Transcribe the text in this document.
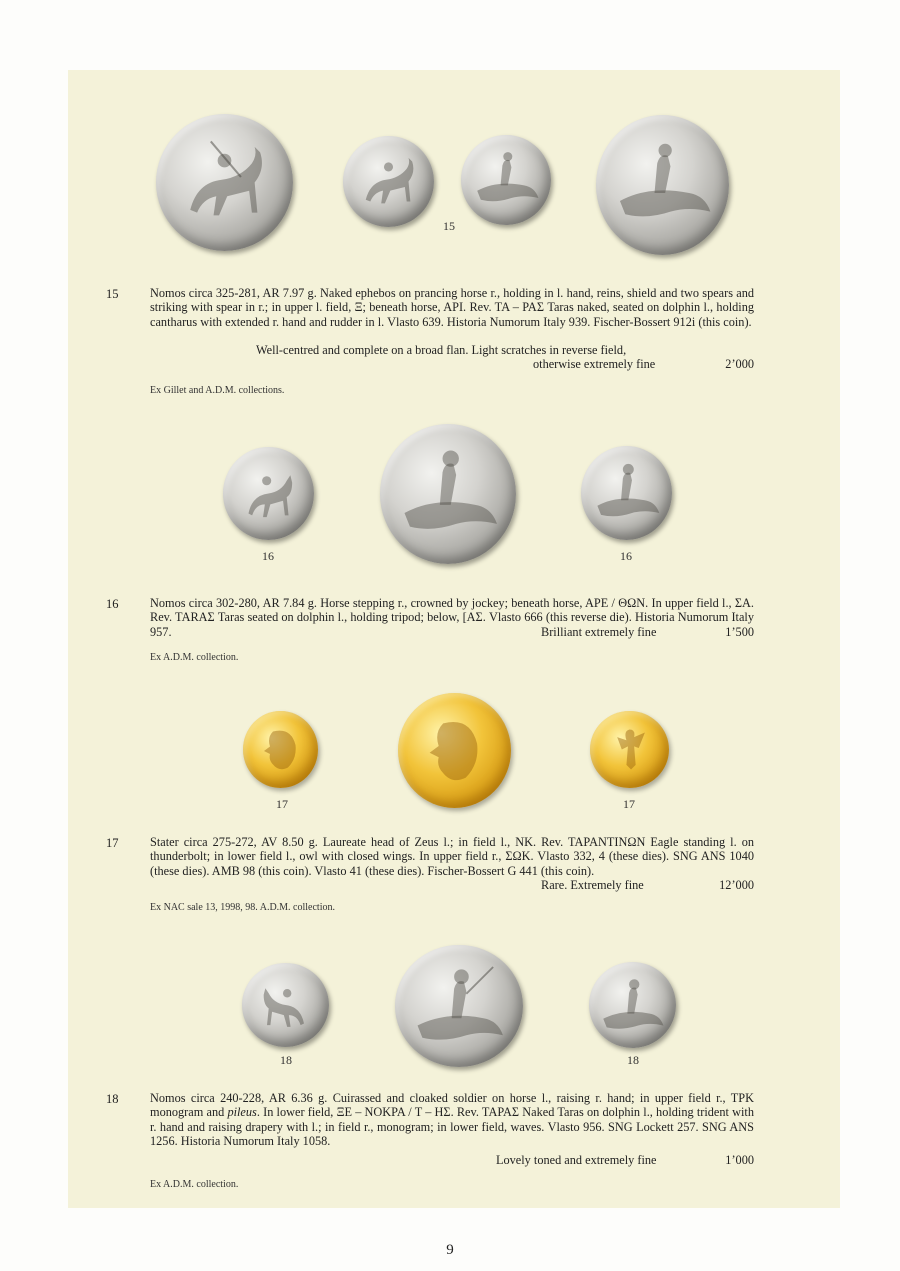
15
15	Nomos circa 325-281, AR 7.97 g. Naked ephebos on prancing horse r., holding in l. hand, reins, shield and two spears and striking with spear in r.; in upper l. field, Ξ; beneath horse, API. Rev. TA – PAΣ Taras naked, seated on dolphin l., holding cantharus with extended r. hand and rudder in l. Vlasto 639. Historia Numorum Italy 939. Fischer-Bossert 912i (this coin).

Well-centred and complete on a broad flan. Light scratches in reverse field,
otherwise extremely fine	2’000
Ex Gillet and A.D.M. collections.
16	16
16	Nomos circa 302-280, AR 7.84 g. Horse stepping r., crowned by jockey; beneath horse, APE / ΘΩN. In upper field l., ΣA. Rev. TARAΣ Taras seated on dolphin l., holding tripod; below, [AΣ. Vlasto 666 (this reverse die). Historia Numorum Italy 957.	Brilliant extremely fine	1’500
Ex A.D.M. collection.
17	17
17	Stater circa 275-272, AV 8.50 g. Laureate head of Zeus l.; in field l., NK. Rev. TAPANTINΩN Eagle standing l. on thunderbolt; in lower field l., owl with closed wings. In upper field r., ΣΩK. Vlasto 332, 4 (these dies). SNG ANS 1040 (these dies). AMB 98 (this coin). Vlasto 41 (these dies). Fischer-Bossert G 441 (this coin).

Rare. Extremely fine	12’000
Ex NAC sale 13, 1998, 98. A.D.M. collection.
18	18
18	Nomos circa 240-228, AR 6.36 g. Cuirassed and cloaked soldier on horse l., raising r. hand; in upper field r., TPK monogram and pileus. In lower field, ΞE – NOKPA / T – HΣ. Rev. TAPAΣ Naked Taras on dolphin l., holding trident with r. hand and raising drapery with l.; in field r., monogram; in lower field, waves. Vlasto 956. SNG Lockett 257. SNG ANS 1256. Historia Numorum Italy 1058.

Lovely toned and extremely fine	1’000
Ex A.D.M. collection.
9
